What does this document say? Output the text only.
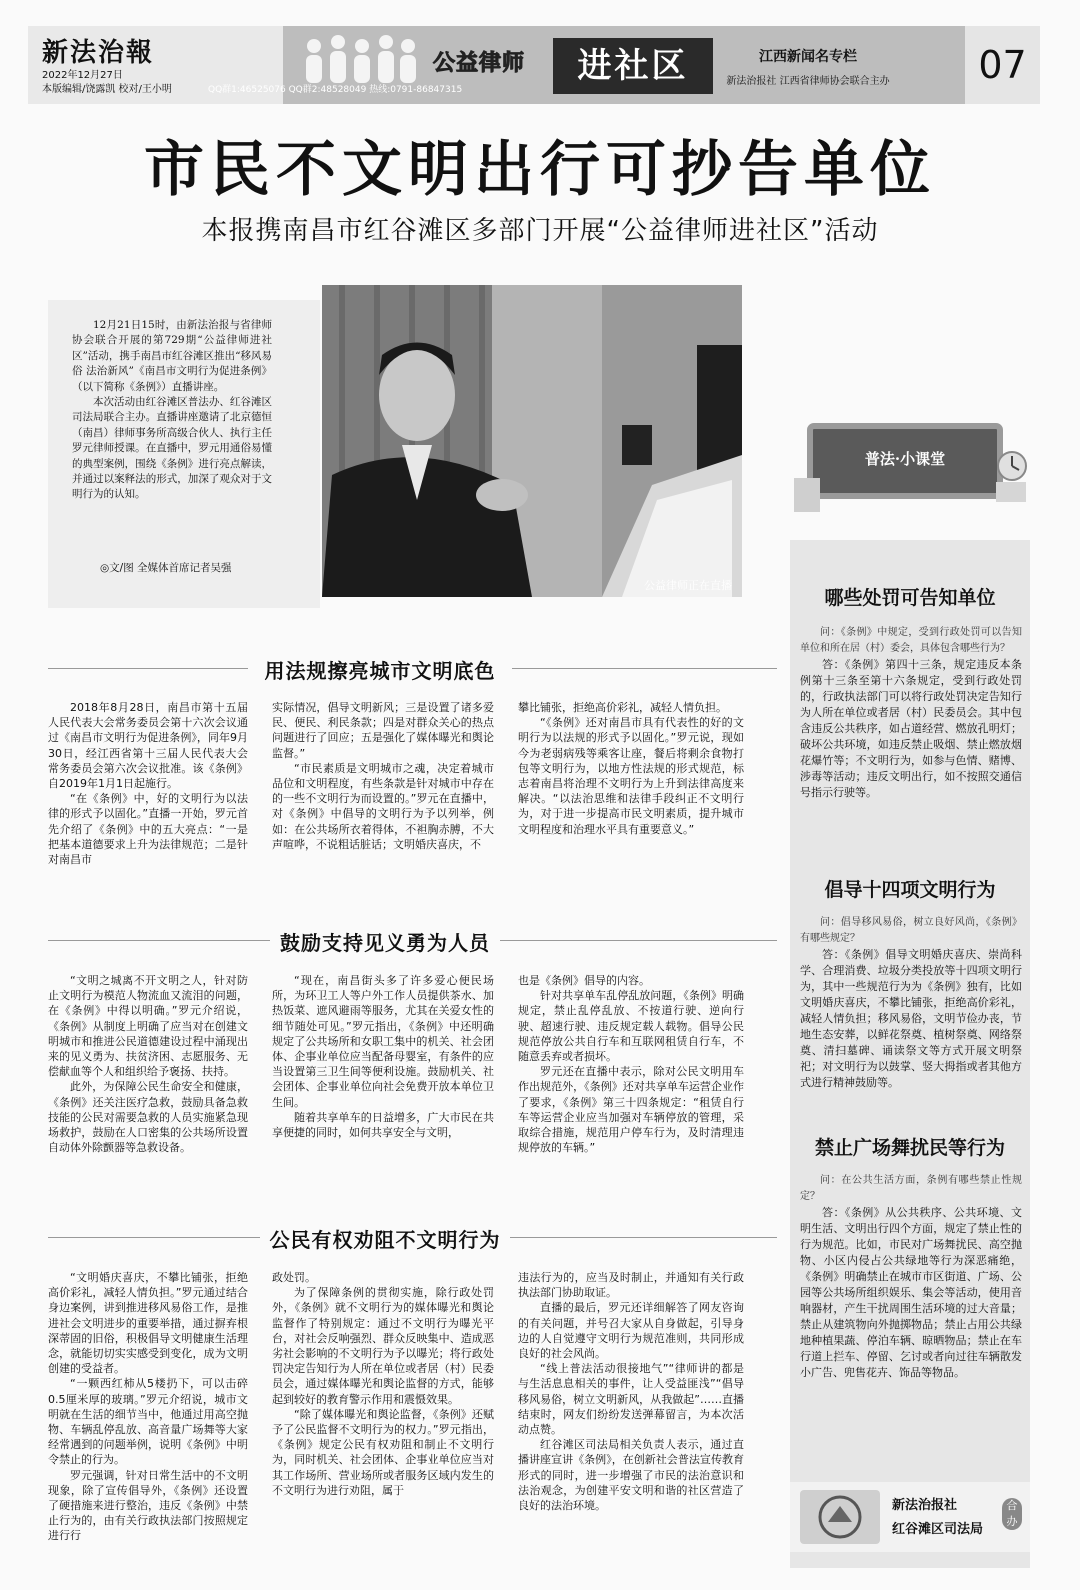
新法治報
2022年12月27日
本版编辑/饶露凯 校对/王小明
公益律师	进社区
QQ群1:46525076 QQ群2:48528049 热线:0791-86847315
江西新闻名专栏
新法治报社 江西省律师协会联合主办	07
市民不文明出行可抄告单位
本报携南昌市红谷滩区多部门开展“公益律师进社区”活动

12月21日15时，由新法治报与省律师协会联合开展的第729期“公益律师进社区”活动，携手南昌市红谷滩区推出“移风易俗 法治新风”《南昌市文明行为促进条例》（以下简称《条例》）直播讲座。

本次活动由红谷滩区普法办、红谷滩区司法局联合主办。直播讲座邀请了北京德恒（南昌）律师事务所高级合伙人、执行主任罗元律师授课。在直播中，罗元用通俗易懂的典型案例，围绕《条例》进行亮点解读，并通过以案释法的形式，加深了观众对于文明行为的认知。

◎文/图 全媒体首席记者吴强
公益律师正在直播
用法规擦亮城市文明底色

2018年8月28日，南昌市第十五届人民代表大会常务委员会第十六次会议通过《南昌市文明行为促进条例》，同年9月30日，经江西省第十三届人民代表大会常务委员会第六次会议批准。该《条例》自2019年1月1日起施行。

“在《条例》中，好的文明行为以法律的形式予以固化。”直播一开始，罗元首先介绍了《条例》中的五大亮点：“一是把基本道德要求上升为法律规范；二是针对南昌市

实际情况，倡导文明新风；三是设置了诸多爱民、便民、利民条款；四是对群众关心的热点问题进行了回应；五是强化了媒体曝光和舆论监督。”

“市民素质是文明城市之魂，决定着城市品位和文明程度，有些条款是针对城市中存在的一些不文明行为而设置的。”罗元在直播中，对《条例》中倡导的文明行为予以列举，例如：在公共场所衣着得体，不袒胸赤膊，不大声喧哗，不说粗话脏话；文明婚庆喜庆，不

攀比铺张，拒绝高价彩礼，减轻人情负担。

“《条例》还对南昌市具有代表性的好的文明行为以法规的形式予以固化。”罗元说，现如今为老弱病残等乘客让座，餐后将剩余食物打包等文明行为，以地方性法规的形式规范，标志着南昌将治理不文明行为上升到法律高度来解决。“以法治思维和法律手段纠正不文明行为，对于进一步提高市民文明素质，提升城市文明程度和治理水平具有重要意义。”

鼓励支持见义勇为人员

“文明之城离不开文明之人，针对防止文明行为模范人物流血又流泪的问题，在《条例》中得以明确。”罗元介绍说，《条例》从制度上明确了应当对在创建文明城市和推进公民道德建设过程中涌现出来的见义勇为、扶贫济困、志愿服务、无偿献血等个人和组织给予褒扬、扶持。

此外，为保障公民生命安全和健康，《条例》还关注医疗急救，鼓励具备急救技能的公民对需要急救的人员实施紧急现场救护，鼓励在人口密集的公共场所设置自动体外除颤器等急救设备。

“现在，南昌街头多了许多爱心便民场所，为环卫工人等户外工作人员提供茶水、加热饭菜、遮风避雨等服务，尤其在关爱女性的细节随处可见。”罗元指出，《条例》中还明确规定了公共场所和女职工集中的机关、社会团体、企事业单位应当配备母婴室，有条件的应当设置第三卫生间等便利设施。鼓励机关、社会团体、企事业单位向社会免费开放本单位卫生间。

随着共享单车的日益增多，广大市民在共享便捷的同时，如何共享安全与文明，

也是《条例》倡导的内容。

针对共享单车乱停乱放问题，《条例》明确规定，禁止乱停乱放、不按道行驶、逆向行驶、超速行驶、违反规定载人载物。倡导公民规范停放公共自行车和互联网租赁自行车，不随意丢弃或者损坏。

罗元还在直播中表示，除对公民文明用车作出规范外，《条例》还对共享单车运营企业作了要求，《条例》第三十四条规定：“租赁自行车等运营企业应当加强对车辆停放的管理，采取综合措施，规范用户停车行为，及时清理违规停放的车辆。”

公民有权劝阻不文明行为

“文明婚庆喜庆，不攀比铺张，拒绝高价彩礼，减轻人情负担。”罗元通过结合身边案例，讲到推进移风易俗工作，是推进社会文明进步的重要举措，通过摒弃根深蒂固的旧俗，积极倡导文明健康生活理念，就能切切实实感受到变化，成为文明创建的受益者。

“一颗西红柿从5楼扔下，可以击碎0.5厘米厚的玻璃。”罗元介绍说，城市文明就在生活的细节当中，他通过用高空抛物、车辆乱停乱放、高音量广场舞等大家经常遇到的问题举例，说明《条例》中明令禁止的行为。

罗元强调，针对日常生活中的不文明现象，除了宣传倡导外，《条例》还设置了硬措施来进行整治，违反《条例》中禁止行为的，由有关行政执法部门按照规定进行行

政处罚。

为了保障条例的贯彻实施，除行政处罚外，《条例》就不文明行为的媒体曝光和舆论监督作了特别规定：通过不文明行为曝光平台，对社会反响强烈、群众反映集中、造成恶劣社会影响的不文明行为予以曝光；将行政处罚决定告知行为人所在单位或者居（村）民委员会，通过媒体曝光和舆论监督的方式，能够起到较好的教育警示作用和震慑效果。

“除了媒体曝光和舆论监督，《条例》还赋予了公民监督不文明行为的权力。”罗元指出，《条例》规定公民有权劝阻和制止不文明行为，同时机关、社会团体、企事业单位应当对其工作场所、营业场所或者服务区域内发生的不文明行为进行劝阻，属于

违法行为的，应当及时制止，并通知有关行政执法部门协助取证。

直播的最后，罗元还详细解答了网友咨询的有关问题，并号召大家从自身做起，引导身边的人自觉遵守文明行为规范准则，共同形成良好的社会风尚。

“线上普法活动很接地气”“律师讲的都是与生活息息相关的事件，让人受益匪浅”“倡导移风易俗，树立文明新风，从我做起”……直播结束时，网友们纷纷发送弹幕留言，为本次活动点赞。

红谷滩区司法局相关负责人表示，通过直播讲座宣讲《条例》，在创新社会普法宣传教育形式的同时，进一步增强了市民的法治意识和法治观念，为创建平安文明和谐的社区营造了良好的法治环境。

普法·小课堂
哪些处罚可告知单位

问：《条例》中规定，受到行政处罚可以告知单位和所在居（村）委会，具体包含哪些行为？

答：《条例》第四十三条，规定违反本条例第十三条至第十六条规定，受到行政处罚的，行政执法部门可以将行政处罚决定告知行为人所在单位或者居（村）民委员会。其中包含违反公共秩序，如占道经营、燃放孔明灯；破坏公共环境，如违反禁止吸烟、禁止燃放烟花爆竹等；不文明行为，如参与色情、赌博、涉毒等活动；违反文明出行，如不按照交通信号指示行驶等。

倡导十四项文明行为

问：倡导移风易俗，树立良好风尚，《条例》有哪些规定？

答：《条例》倡导文明婚庆喜庆、崇尚科学、合理消费、垃圾分类投放等十四项文明行为，其中一些规范行为为《条例》独有，比如文明婚庆喜庆，不攀比铺张，拒绝高价彩礼，减轻人情负担；移风易俗，文明节俭办丧，节地生态安葬，以鲜花祭奠、植树祭奠、网络祭奠、清扫墓碑、诵读祭文等方式开展文明祭祀；对文明行为以鼓掌、竖大拇指或者其他方式进行精神鼓励等。

禁止广场舞扰民等行为

问：在公共生活方面，条例有哪些禁止性规定？

答：《条例》从公共秩序、公共环境、文明生活、文明出行四个方面，规定了禁止性的行为规范。比如，市民对广场舞扰民、高空抛物、小区内侵占公共绿地等行为深恶痛绝，《条例》明确禁止在城市市区街道、广场、公园等公共场所组织娱乐、集会等活动，使用音响器材，产生干扰周围生活环境的过大音量；禁止从建筑物向外抛掷物品；禁止占用公共绿地种植果蔬、停泊车辆、晾晒物品；禁止在车行道上拦车、停留、乞讨或者向过往车辆散发小广告、兜售花卉、饰品等物品。

新法治报社
红谷滩区司法局
合办
